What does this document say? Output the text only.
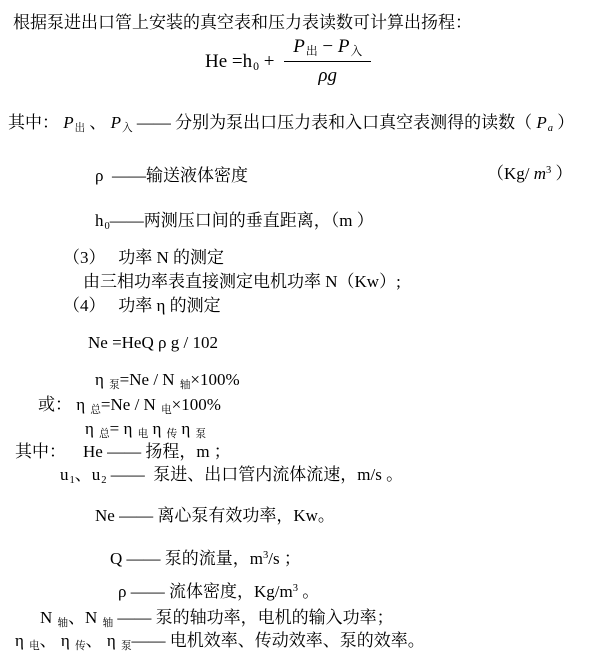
根据泵进出口管上安装的真空表和压力表读数可计算出扬程：
$He =h_0 + \frac{P_出 - P_入}{\rho g}$
其中： $P_出$ 、 $P_入$ —— 分别为泵出口压力表和入口真空表测得的读数（ $P_a$ ）
ρ  ——输送液体密度	（Kg/ $m^3$ ）
$h_0——$两测压口间的垂直距离，（m ）
（3）   功率 N 的测定
由三相功率表直接测定电机功率 N（Kw）;
（4）   功率 η 的测定
Ne =HeQ ρ g / 102
η $_泵$=Ne / N $_轴$×100%
或： η $_总$=Ne / N $_电$×100%
η $_总$= η $_电$ η $_传$ η $_泵$
其中：    He —— 扬程，m ；
$u_1$、$u_2$ ——  泵进、出口管内流体流速，m/s 。
Ne —— 离心泵有效功率，Kw。
Q —— 泵的流量，$m^3/s$ ；
ρ —— 流体密度，$Kg/m^3$ 。
N $_轴$、N $_轴$ —— 泵的轴功率，电机的输入功率；
η $_电$、 η $_传$、 η $_泵$—— 电机效率、传动效率、泵的效率。
